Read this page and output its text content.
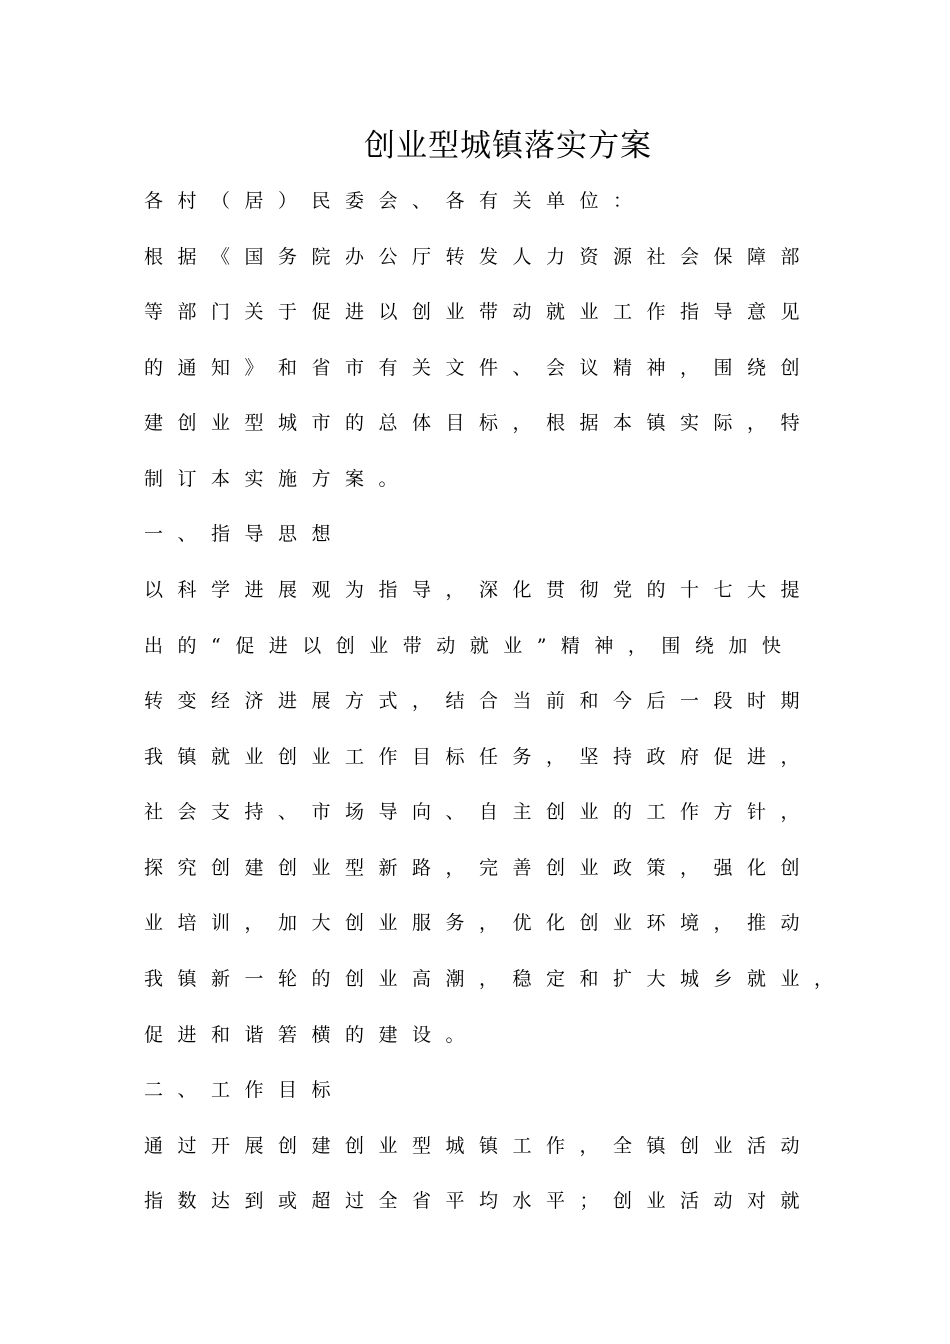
创业型城镇落实方案

各村（居）民委会、各有关单位：

根据《国务院办公厅转发人力资源社会保障部

等部门关于促进以创业带动就业工作指导意见

的通知》和省市有关文件、会议精神，围绕创

建创业型城市的总体目标，根据本镇实际，特

制订本实施方案。

一、指导思想

以科学进展观为指导，深化贯彻党的十七大提

出的“促进以创业带动就业”精神，围绕加快

转变经济进展方式，结合当前和今后一段时期

我镇就业创业工作目标任务，坚持政府促进，

社会支持、市场导向、自主创业的工作方针，

探究创建创业型新路，完善创业政策，强化创

业培训，加大创业服务，优化创业环境，推动

我镇新一轮的创业高潮，稳定和扩大城乡就业，

促进和谐箬横的建设。

二、工作目标

通过开展创建创业型城镇工作，全镇创业活动

指数达到或超过全省平均水平；创业活动对就
